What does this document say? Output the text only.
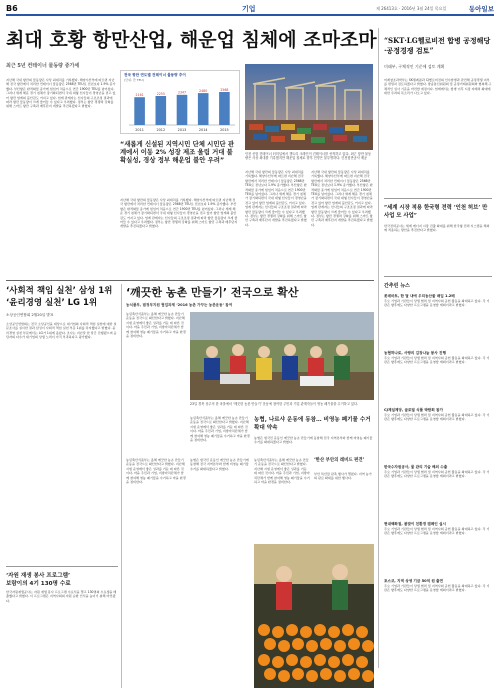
B6	기업	제 26413호 · 2016년 3월 24일 목요일	동아일보
최대 호황 항만산업, 해운업 침체에 조마조마
최근 5년 컨테이너 물동량 증가세
지난해 국내 항만의 물동량은 사상 최대치를 기록했다. 해양수산부에 따르면 지난해 전국 항만에서 처리한 컨테이너 물동량은 2568만 TEU로 전년보다 1.9% 증가했다. 부산항은 환적화물 증가에 힘입어 처음으로 연간 1900만 TEU를 넘어섰다. 그러나 세계 해운 경기 침체가 장기화되면서 국내 대형 선사들이 경영난을 겪고 있어 항만 업계의 불안감도 커지고 있다. 업계 관계자는 선사들의 구조조정 결과에 따라 항만 물동량이 크게 줄어들 수 있다고 우려했다. 정부는 항만 경쟁력 강화를 위해 스마트 항만 구축과 배후단지 개발을 추진하겠다고 밝혔다.
전국 항만 연도별 컨테이너 물동량 추이
(단위: 만 TEU)
2011
2161
2012
2255
2013
2347
2014
2480
2015
2568
“새롭게 신설된 지역시민 단체 시민단 관계에서 이동 2% 성장 제조 울림 거대 불확실성, 경상 정부 해운업 불안 우려”
지난해 국내 항만의 물동량은 사상 최대치를 기록했다. 해양수산부에 따르면 지난해 전국 항만에서 처리한 컨테이너 물동량은 2568만 TEU로 전년보다 1.9% 증가했다. 부산항은 환적화물 증가에 힘입어 처음으로 연간 1900만 TEU를 넘어섰다. 그러나 세계 해운 경기 침체가 장기화되면서 국내 대형 선사들이 경영난을 겪고 있어 항만 업계의 불안감도 커지고 있다. 업계 관계자는 선사들의 구조조정 결과에 따라 항만 물동량이 크게 줄어들 수 있다고 우려했다. 정부는 항만 경쟁력 강화를 위해 스마트 항만 구축과 배후단지 개발을 추진하겠다고 밝혔다.
인천 신항 컨테이너 터미널에서 갠트리 크레인이 컨테이너를 선적하고 있다. 최근 항만 물동량은 사상 최대를 기록했지만 해운업 침체로 향후 전망은 불투명하다. 인천항만공사 제공
지난해 국내 항만의 물동량은 사상 최대치를 기록했다. 해양수산부에 따르면 지난해 전국 항만에서 처리한 컨테이너 물동량은 2568만 TEU로 전년보다 1.9% 증가했다. 부산항은 환적화물 증가에 힘입어 처음으로 연간 1900만 TEU를 넘어섰다. 그러나 세계 해운 경기 침체가 장기화되면서 국내 대형 선사들이 경영난을 겪고 있어 항만 업계의 불안감도 커지고 있다. 업계 관계자는 선사들의 구조조정 결과에 따라 항만 물동량이 크게 줄어들 수 있다고 우려했다. 정부는 항만 경쟁력 강화를 위해 스마트 항만 구축과 배후단지 개발을 추진하겠다고 밝혔다.
지난해 국내 항만의 물동량은 사상 최대치를 기록했다. 해양수산부에 따르면 지난해 전국 항만에서 처리한 컨테이너 물동량은 2568만 TEU로 전년보다 1.9% 증가했다. 부산항은 환적화물 증가에 힘입어 처음으로 연간 1900만 TEU를 넘어섰다. 그러나 세계 해운 경기 침체가 장기화되면서 국내 대형 선사들이 경영난을 겪고 있어 항만 업계의 불안감도 커지고 있다. 업계 관계자는 선사들의 구조조정 결과에 따라 항만 물동량이 크게 줄어들 수 있다고 우려했다. 정부는 항만 경쟁력 강화를 위해 스마트 항만 구축과 배후단지 개발을 추진하겠다고 밝혔다.
“SKT·LG헬로비전 합병 공정해당·공정경쟁 검토”
미래부, 구체적인 기준에 검토 계획
미래창조과학부는 SK텔레콤과 CJ헬로비전의 인수합병과 관련해 공정경쟁 여부를 면밀히 검토하겠다고 밝혔다. 방송통신위원회 및 공정거래위원회와 협의해 구체적인 심사 기준을 마련할 예정이다. 업계에서는 합병 이후 시장 지배력 확대에 대한 우려의 목소리가 나오고 있다.
“세계 시장 적용 한국형 전력 ‘인천 허브’ 만 사업 모 사업”
한국전력공사는 세계 에너지 시장 진출 확대를 위해 한국형 전력 시스템을 해외에 적용하는 방안을 추진한다고 밝혔다.
간추린 뉴스
롯데마트, 한 달 내에 우리농산물 매입 1.2배
주요 기업과 기관들이 상생 협력 및 지역사회 공헌 활동을 확대하고 있다. 각 기관은 향후에도 다양한 프로그램을 운영할 계획이라고 밝혔다.
농협하나로, 사랑의 김장나눔 봉사 진행
주요 기업과 기관들이 상생 협력 및 지역사회 공헌 활동을 확대하고 있다. 각 기관은 향후에도 다양한 프로그램을 운영할 계획이라고 밝혔다.
CJ제일제당, 글로벌 식품 박람회 참가
주요 기업과 기관들이 상생 협력 및 지역사회 공헌 활동을 확대하고 있다. 각 기관은 향후에도 다양한 프로그램을 운영할 계획이라고 밝혔다.
한국수자원공사, 물 관리 기술 해외 수출
주요 기업과 기관들이 상생 협력 및 지역사회 공헌 활동을 확대하고 있다. 각 기관은 향후에도 다양한 프로그램을 운영할 계획이라고 밝혔다.
현대백화점, 봄맞이 친환경 캠페인 실시
주요 기업과 기관들이 상생 협력 및 지역사회 공헌 활동을 확대하고 있다. 각 기관은 향후에도 다양한 프로그램을 운영할 계획이라고 밝혔다.
포스코, 지역 상생 기금 50억 원 출연
주요 기업과 기관들이 상생 협력 및 지역사회 공헌 활동을 확대하고 있다. 각 기관은 향후에도 다양한 프로그램을 운영할 계획이라고 밝혔다.
‘사회적 책임 실천’ 삼성 1위
‘윤리경영 실천’ LG 1위
소상공인연합회 2월20일 발표
소상공인연합회는 전국 소상공인을 대상으로 대기업의 사회적 책임 실천에 대한 설문조사를 실시한 결과 삼성이 사회적 책임 실천 부문 1위를 차지했다고 밝혔다. 윤리경영 실천 부문에서는 LG가 1위에 올랐다. 조사는 지난달 한 달간 진행됐으며 응답자의 다수가 대기업의 상생 노력이 아직 부족하다고 평가했다.
‘자원 재생 봉사 프로그램’
보람이의 4기 130명 수료
한국자원재생공사는 자원 재생 봉사 프로그램 수료식을 열고 130명의 수료생을 배출했다고 밝혔다. 이 프로그램은 지역사회의 자원 순환 인식을 높이기 위해 마련됐다.
‘깨끗한 농촌 만들기’ 전국으로 확산
농식품부, 범정부지원 협업과제 ‘2016 농촌 가꾸는 농촌운동’ 참여
농림축산식품부는 올해 깨끗한 농촌 만들기 운동을 전국으로 확산한다고 밝혔다. 지난해 시범 운영에서 좋은 성과를 거둔 데 따른 것이다. 마을 주민과 기업, 지방자치단체가 함께 참여해 영농 폐기물을 수거하고 마을 환경을 정비한다.
23일 경북 상주의 한 마을에서 ‘깨끗한 농촌 만들기’ 운동에 참여한 주민과 기업 관계자들이 영농 폐기물을 수거하고 있다.
농림축산식품부는 올해 깨끗한 농촌 만들기 운동을 전국으로 확산한다고 밝혔다. 지난해 시범 운영에서 좋은 성과를 거둔 데 따른 것이다. 마을 주민과 기업, 지방자치단체가 함께 참여해 영농 폐기물을 수거하고 마을 환경을 정비한다.
농협, 나르샤 운동에 동참… 비영농 폐기물 수거 확대 약속
농협은 범국민 운동인 깨끗한 농촌 만들기에 동참해 전국 지역본부와 함께 비영농 폐기물 수거를 확대하겠다고 밝혔다.
농림축산식품부는 올해 깨끗한 농촌 만들기 운동을 전국으로 확산한다고 밝혔다. 지난해 시범 운영에서 좋은 성과를 거둔 데 따른 것이다. 마을 주민과 기업, 지방자치단체가 함께 참여해 영농 폐기물을 수거하고 마을 환경을 정비한다.
농협은 범국민 운동인 깨끗한 농촌 만들기에 동참해 전국 지역본부와 함께 비영농 폐기물 수거를 확대하겠다고 밝혔다.
농림축산식품부는 올해 깨끗한 농촌 만들기 운동을 전국으로 확산한다고 밝혔다. 지난해 시범 운영에서 좋은 성과를 거둔 데 따른 것이다. 마을 주민과 기업, 지방자치단체가 함께 참여해 영농 폐기물을 수거하고 마을 환경을 정비한다.
‘한산 부안의 레비드 편견’
부안 특산물 판촉 행사가 열렸다. 지역 농가의 판로 확대를 위한 행사다.
